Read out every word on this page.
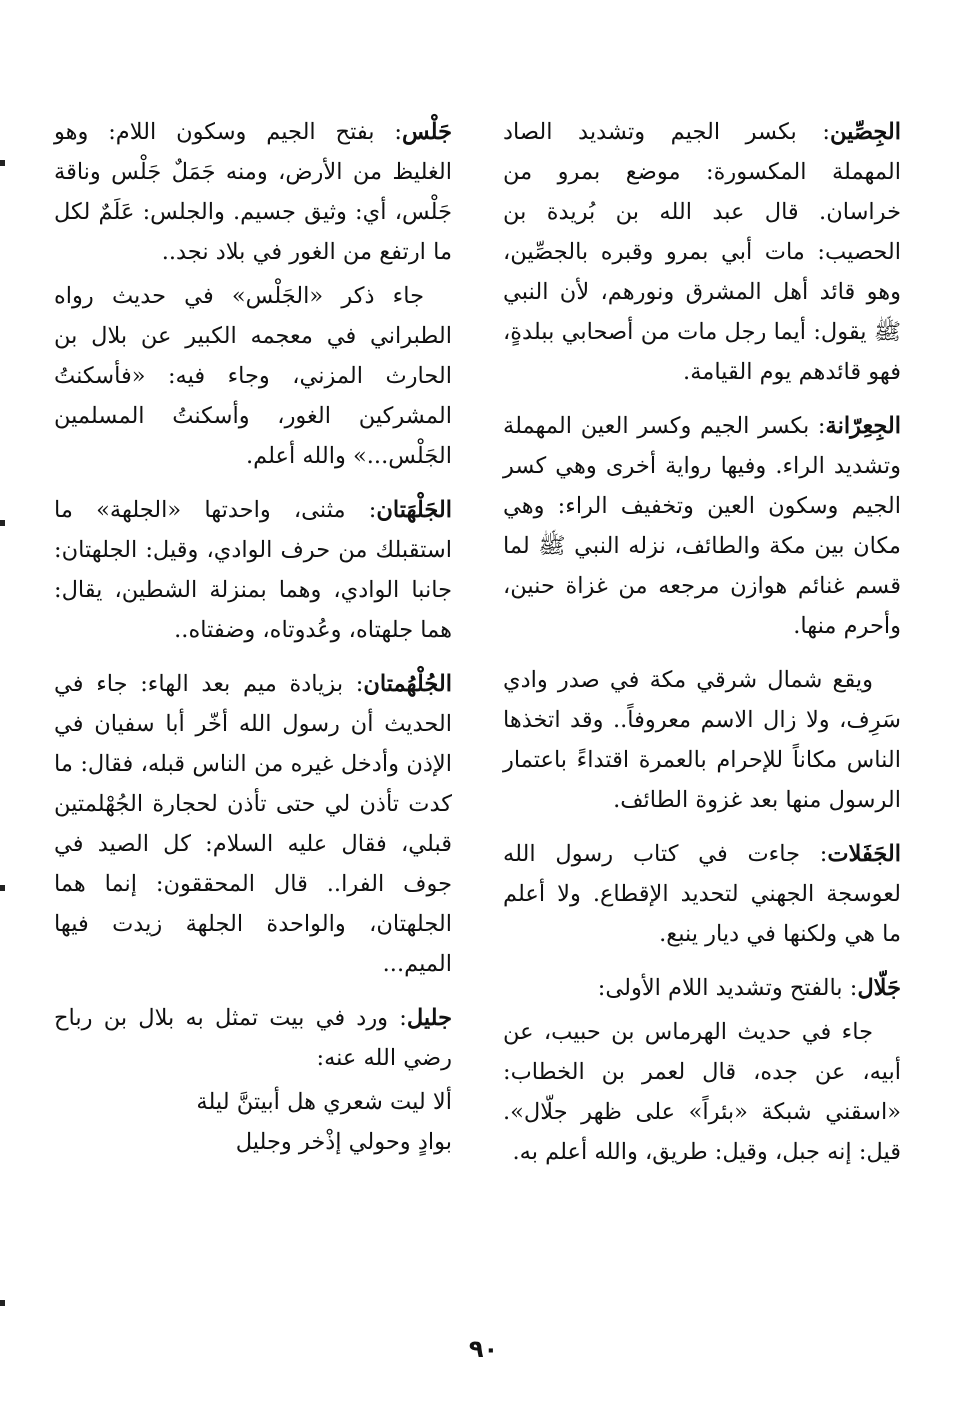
الجِصِّين: بكسر الجيم وتشديد الصاد المهملة المكسورة: موضع بمرو من خراسان. قال عبد الله بن بُريدة بن الحصيب: مات أبي بمرو وقبره بالجصِّين، وهو قائد أهل المشرق ونورهم، لأن النبي ﷺ يقول: أيما رجل مات من أصحابي ببلدةٍ، فهو قائدهم يوم القيامة.

الجِعِرّانة: بكسر الجيم وكسر العين المهملة وتشديد الراء. وفيها رواية أخرى وهي كسر الجيم وسكون العين وتخفيف الراء: وهي مكان بين مكة والطائف، نزله النبي ﷺ لما قسم غنائم هوازن مرجعه من غزاة حنين، وأحرم منها.

ويقع شمال شرقي مكة في صدر وادي سَرِف، ولا زال الاسم معروفاً.. وقد اتخذها الناس مكاناً للإحرام بالعمرة اقتداءً باعتمار الرسول منها بعد غزوة الطائف.

الجَفَلات: جاءت في كتاب رسول الله لعوسجة الجهني لتحديد الإقطاع. ولا أعلم ما هي ولكنها في ديار ينبع.

جَلّال: بالفتح وتشديد اللام الأولى:

جاء في حديث الهرماس بن حبيب، عن أبيه، عن جده، قال لعمر بن الخطاب: «اسقني شبكة «بئراً» على ظهر جلّال». قيل: إنه جبل، وقيل: طريق، والله أعلم به.

جَلْس: بفتح الجيم وسكون اللام: وهو الغليظ من الأرض، ومنه جَمَلٌ جَلْس وناقة جَلْس، أي: وثيق جسيم. والجلس: عَلَمٌ لكل ما ارتفع من الغور في بلاد نجد..

جاء ذكر «الجَلْس» في حديث رواه الطبراني في معجمه الكبير عن بلال بن الحارث المزني، وجاء فيه: «فأسكنتُ المشركين الغور، وأسكنتُ المسلمين الجَلْس...» والله أعلم.

الجَلْهَتان: مثنى، واحدتها «الجلهة» ما استقبلك من حرف الوادي، وقيل: الجلهتان: جانبا الوادي، وهما بمنزلة الشطين، يقال: هما جلهتاه، وعُدوتاه، وضفتاه..

الجُلْهُمتان: بزيادة ميم بعد الهاء: جاء في الحديث أن رسول الله أخّر أبا سفيان في الإذن وأدخل غيره من الناس قبله، فقال: ما كدت تأذن لي حتى تأذن لحجارة الجُهْلمتين قبلي، فقال عليه السلام: كل الصيد في جوف الفرا.. قال المحققون: إنما هما الجلهتان، والواحدة الجلهة زيدت فيها الميم...

جليل: ورد في بيت تمثل به بلال بن رباح رضي الله عنه:

ألا ليت شعري هل أبيتنَّ ليلة
بوادٍ وحولي إذْخر وجليل
٩٠
